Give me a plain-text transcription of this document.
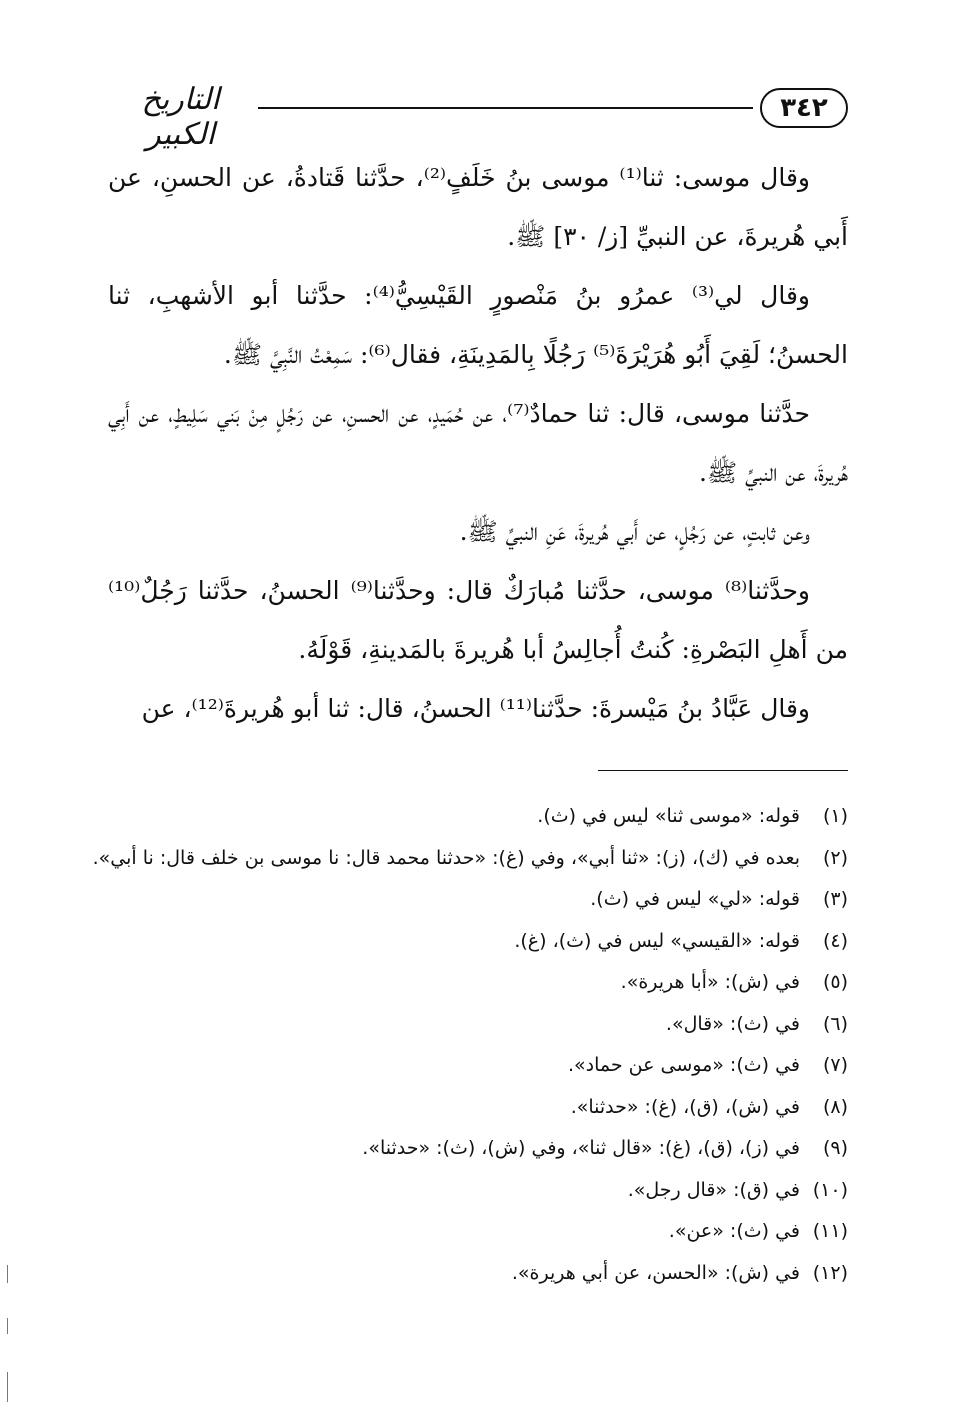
التاريخ الكبير
٣٤٢

وقال موسى: ثنا⁽¹⁾ موسى بنُ خَلَفٍ⁽²⁾، حدَّثنا قَتادةُ، عن الحسنِ، عن أَبي هُريرةَ، عن النبيِّ [ز/ ٣٠] ﷺ.

وقال لي⁽³⁾ عمرُو بنُ مَنْصورٍ القَيْسِيُّ⁽⁴⁾: حدَّثنا أبو الأشهبِ، ثنا الحسنُ؛ لَقِيَ أَبُو هُرَيْرَةَ⁽⁵⁾ رَجُلًا بِالمَدِينَةِ، فقال⁽⁶⁾: سَمِعْتُ النَّبِيَّ ﷺ.

حدَّثنا موسى، قال: ثنا حمادٌ⁽⁷⁾، عن حُمَيدٍ، عن الحسنِ، عن رَجُلٍ مِنْ بَني سَلِيطٍ، عن أَبِي هُريرةَ، عن النبيِّ ﷺ.

وعن ثابتٍ، عن رَجُلٍ، عن أَبي هُريرةَ، عَنِ النبيِّ ﷺ.

وحدَّثنا⁽⁸⁾ موسى، حدَّثنا مُبارَكٌ قال: وحدَّثنا⁽⁹⁾ الحسنُ، حدَّثنا رَجُلٌ⁽¹⁰⁾ من أَهلِ البَصْرةِ: كُنتُ أُجالِسُ أبا هُريرةَ بالمَدينةِ، قَوْلَهُ.

وقال عَبَّادُ بنُ مَيْسرةَ: حدَّثنا⁽¹¹⁾ الحسنُ، قال: ثنا أبو هُريرةَ⁽¹²⁾، عن

(١)قوله: «موسى ثنا» ليس في (ث).
(٢)بعده في (ك)، (ز): «ثنا أبي»، وفي (غ): «حدثنا محمد قال: نا موسى بن خلف قال: نا أبي».
(٣)قوله: «لي» ليس في (ث).
(٤)قوله: «القيسي» ليس في (ث)، (غ).
(٥)في (ش): «أبا هريرة».
(٦)في (ث): «قال».
(٧)في (ث): «موسى عن حماد».
(٨)في (ش)، (ق)، (غ): «حدثنا».
(٩)في (ز)، (ق)، (غ): «قال ثنا»، وفي (ش)، (ث): «حدثنا».
(١٠)في (ق): «قال رجل».
(١١)في (ث): «عن».
(١٢)في (ش): «الحسن، عن أبي هريرة».
